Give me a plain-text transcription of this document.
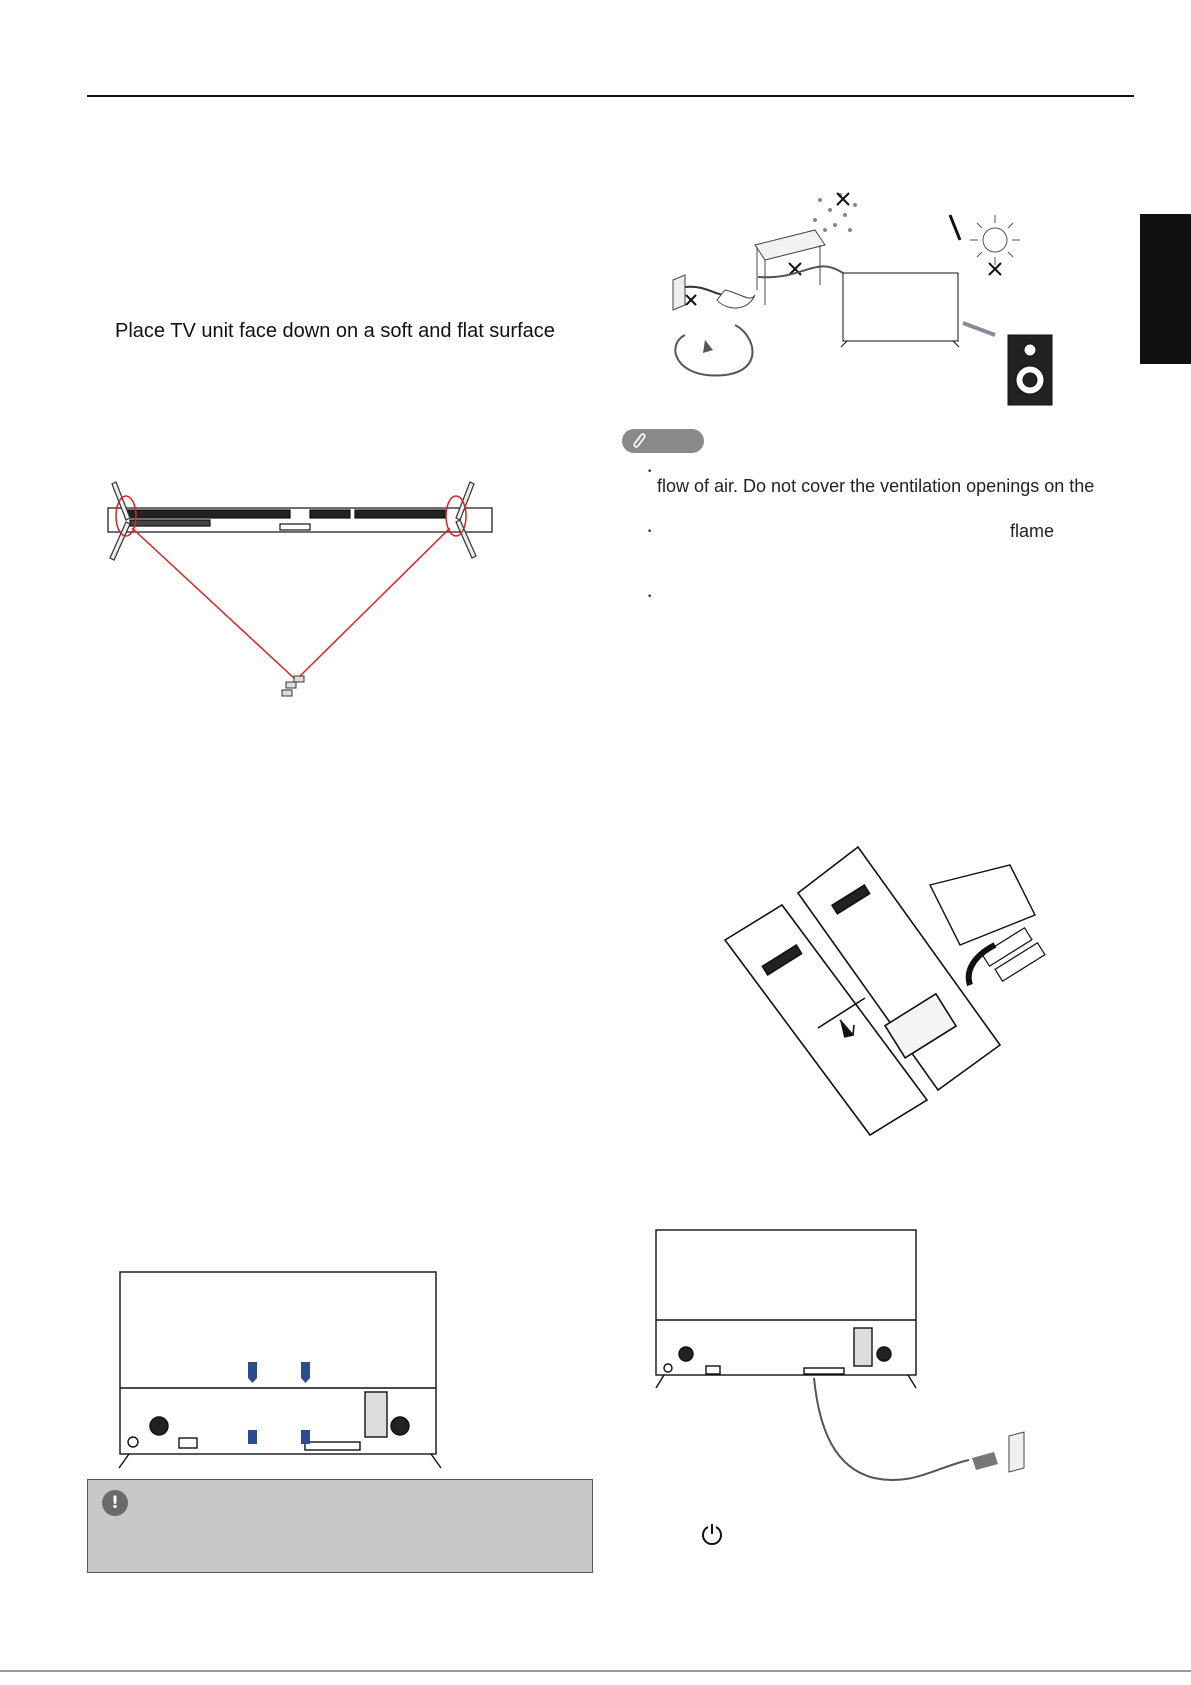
Place TV unit face down on a soft and flat surface
•
flow of air. Do not cover the ventilation openings on the
•	flame
•
!
